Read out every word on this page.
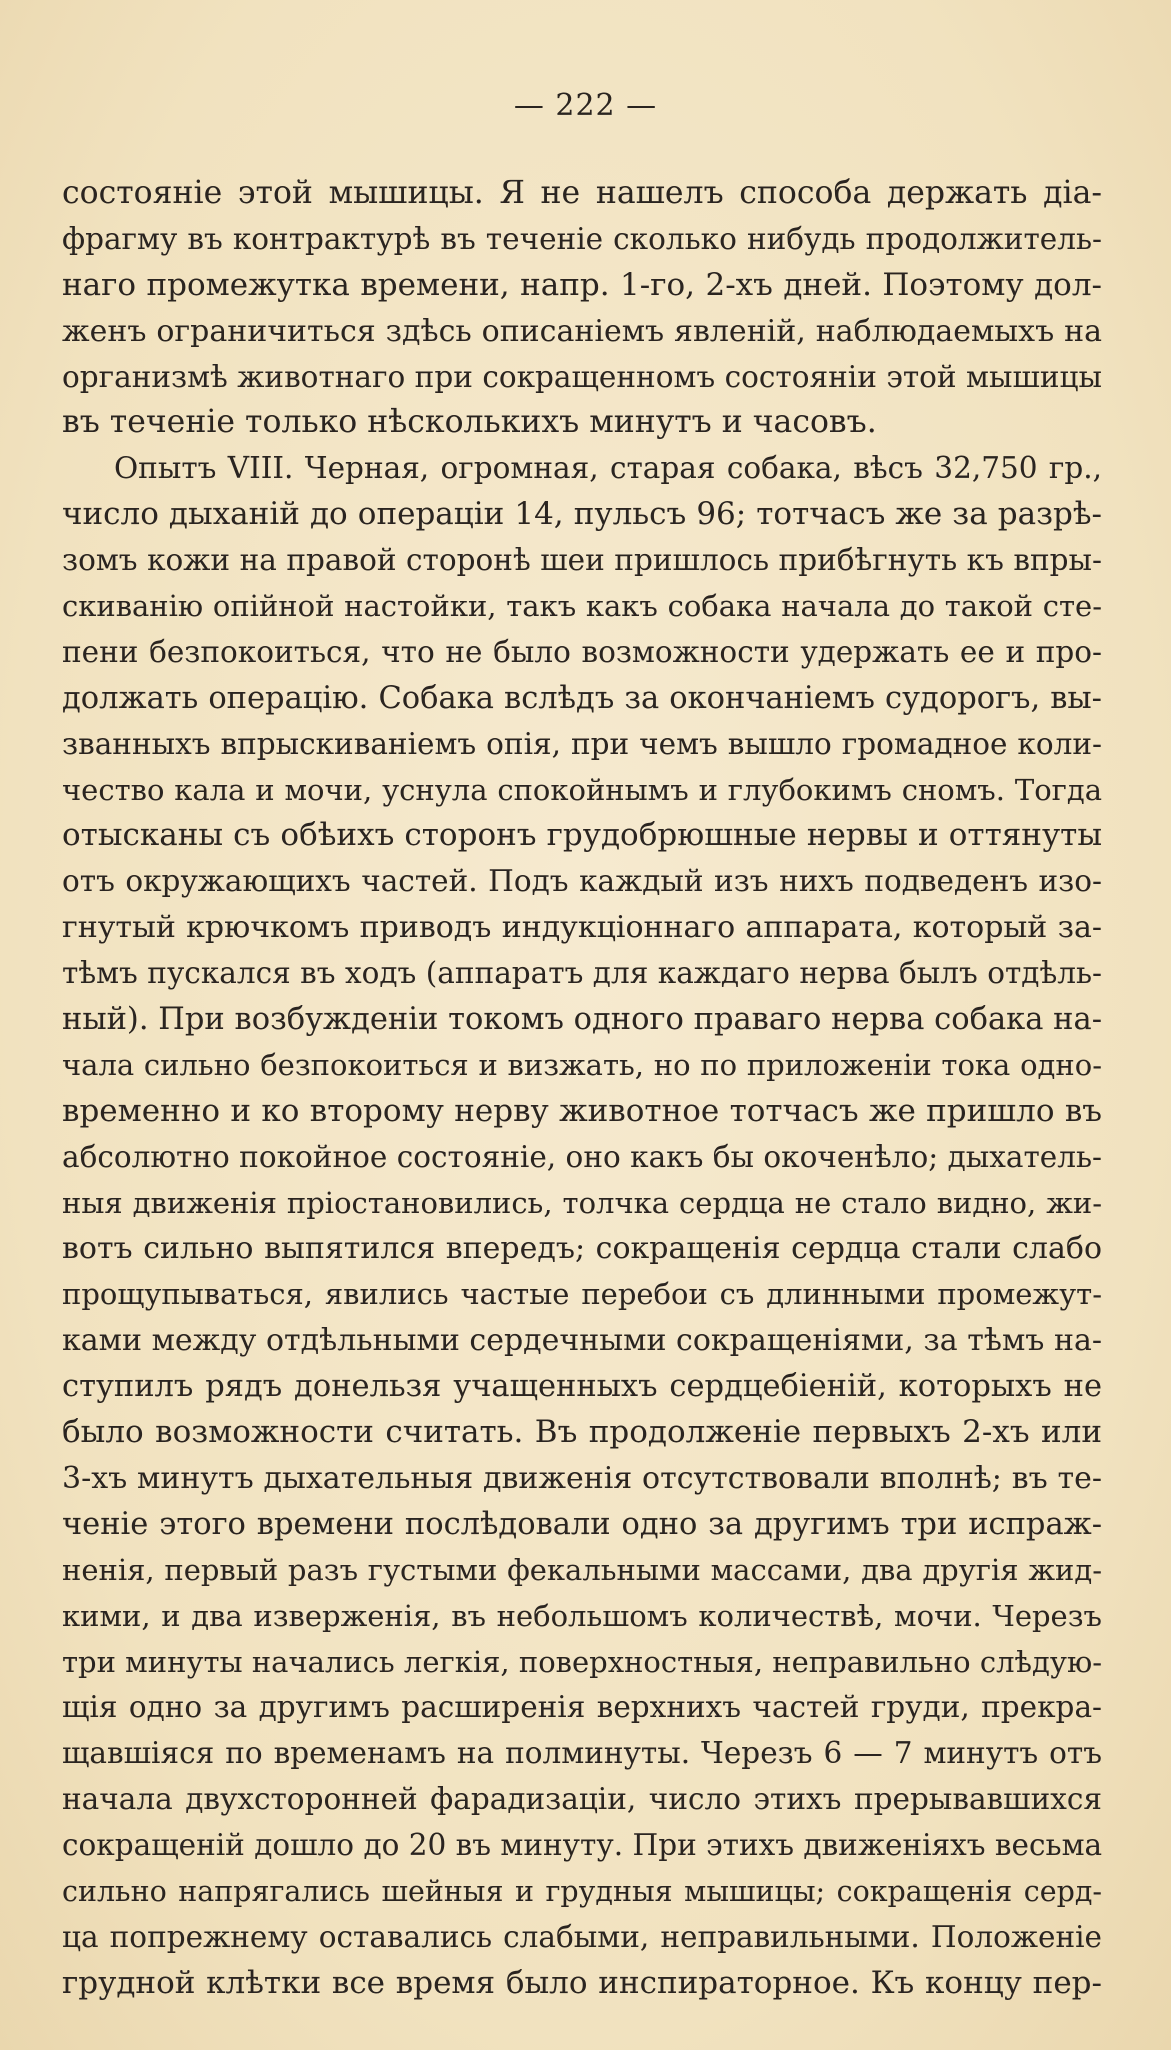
— 222 —
состоянiе этой мышицы. Я не нашелъ способа держать дiа-
фрагму въ контрактурѣ въ теченiе сколько нибудь продолжитель-
наго промежутка времени, напр. 1-го, 2-хъ дней. Поэтому дол-
женъ ограничиться здѣсь описанiемъ явленiй, наблюдаемыхъ на
организмѣ животнаго при сокращенномъ состоянiи этой мышицы
въ теченiе только нѣсколькихъ минутъ и часовъ.
Опытъ VIII. Черная, огромная, старая собака, вѣсъ 32,750 гр.,
число дыханiй до операцiи 14, пульсъ 96; тотчасъ же за разрѣ-
зомъ кожи на правой сторонѣ шеи пришлось прибѣгнуть къ впры-
скиванiю опiйной настойки, такъ какъ собака начала до такой сте-
пени безпокоиться, что не было возможности удержать ее и про-
должать операцiю. Собака вслѣдъ за окончанiемъ судорогъ, вы-
званныхъ впрыскиванiемъ опiя, при чемъ вышло громадное коли-
чество кала и мочи, уснула спокойнымъ и глубокимъ сномъ. Тогда
отысканы съ обѣихъ сторонъ грудобрюшные нервы и оттянуты
отъ окружающихъ частей. Подъ каждый изъ нихъ подведенъ изо-
гнутый крючкомъ приводъ индукцiоннаго аппарата, который за-
тѣмъ пускался въ ходъ (аппаратъ для каждаго нерва былъ отдѣль-
ный). При возбужденiи токомъ одного праваго нерва собака на-
чала сильно безпокоиться и визжать, но по приложенiи тока одно-
временно и ко второму нерву животное тотчасъ же пришло въ
абсолютно покойное состоянiе, оно какъ бы окоченѣло; дыхатель-
ныя движенiя прiостановились, толчка сердца не стало видно, жи-
вотъ сильно выпятился впередъ; сокращенiя сердца стали слабо
прощупываться, явились частые перебои съ длинными промежут-
ками между отдѣльными сердечными сокращенiями, за тѣмъ на-
ступилъ рядъ донельзя учащенныхъ сердцебiенiй, которыхъ не
было возможности считать. Въ продолженiе первыхъ 2-хъ или
3-хъ минутъ дыхательныя движенiя отсутствовали вполнѣ; въ те-
ченiе этого времени послѣдовали одно за другимъ три испраж-
ненiя, первый разъ густыми фекальными массами, два другiя жид-
кими, и два изверженiя, въ небольшомъ количествѣ, мочи. Черезъ
три минуты начались легкiя, поверхностныя, неправильно слѣдую-
щiя одно за другимъ расширенiя верхнихъ частей груди, прекра-
щавшiяся по временамъ на полминуты. Черезъ 6 — 7 минутъ отъ
начала двухсторонней фарадизацiи, число этихъ прерывавшихся
сокращенiй дошло до 20 въ минуту. При этихъ движенiяхъ весьма
сильно напрягались шейныя и грудныя мышицы; сокращенiя серд-
ца попрежнему оставались слабыми, неправильными. Положенiе
грудной клѣтки все время было инспираторное. Къ концу пер-
